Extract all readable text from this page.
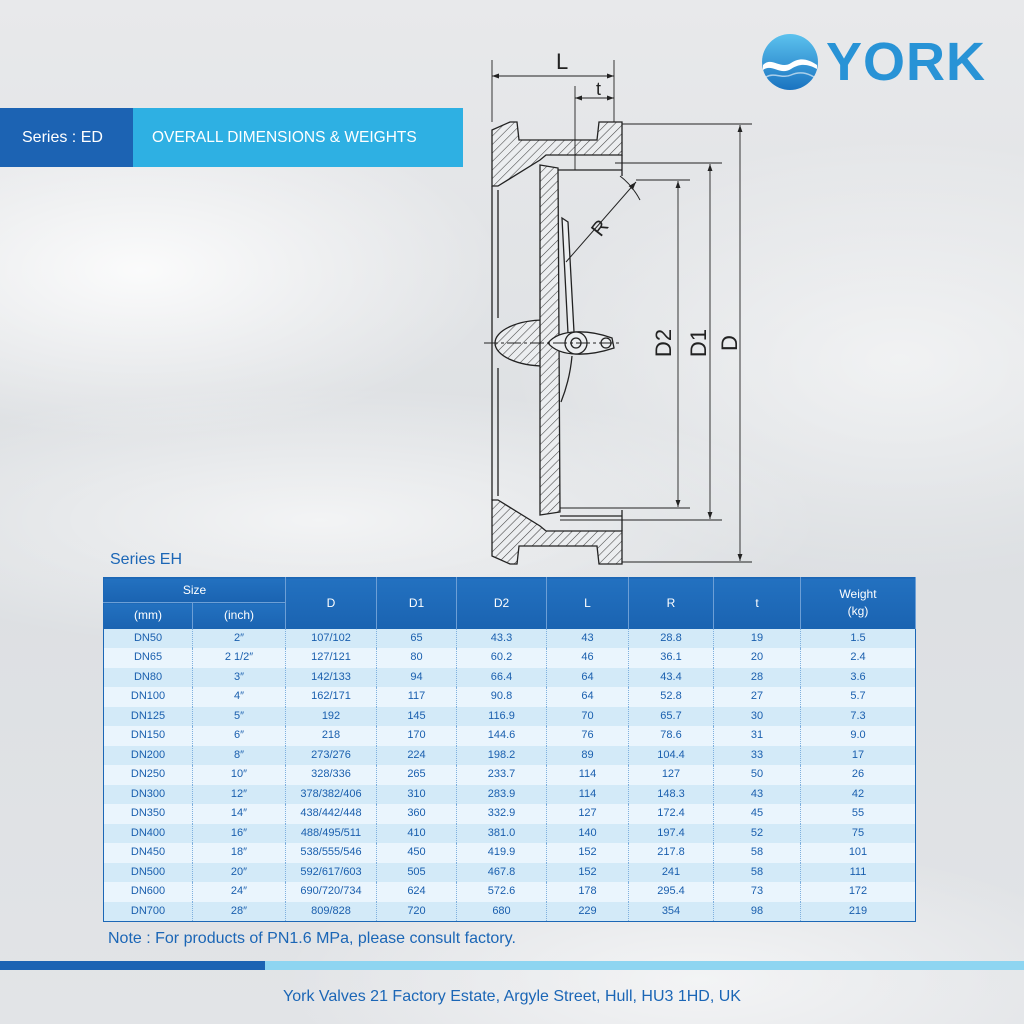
YORK
Series : ED	OVERALL DIMENSIONS & WEIGHTS
L
t
R
D2 D1 D
Series EH
Size		D	D1	D2	L	R	t	Weight
(kg)
(mm)	(inch)							
DN50	2″	107/102	65	43.3	43	28.8	19	1.5
DN65	2 1/2″	127/121	80	60.2	46	36.1	20	2.4
DN80	3″	142/133	94	66.4	64	43.4	28	3.6
DN100	4″	162/171	117	90.8	64	52.8	27	5.7
DN125	5″	192	145	116.9	70	65.7	30	7.3
DN150	6″	218	170	144.6	76	78.6	31	9.0
DN200	8″	273/276	224	198.2	89	104.4	33	17
DN250	10″	328/336	265	233.7	114	127	50	26
DN300	12″	378/382/406	310	283.9	114	148.3	43	42
DN350	14″	438/442/448	360	332.9	127	172.4	45	55
DN400	16″	488/495/511	410	381.0	140	197.4	52	75
DN450	18″	538/555/546	450	419.9	152	217.8	58	101
DN500	20″	592/617/603	505	467.8	152	241	58	111
DN600	24″	690/720/734	624	572.6	178	295.4	73	172
DN700	28″	809/828	720	680	229	354	98	219
Note : For products of PN1.6 MPa, please consult factory.
York Valves 21 Factory Estate, Argyle Street, Hull, HU3 1HD, UK
